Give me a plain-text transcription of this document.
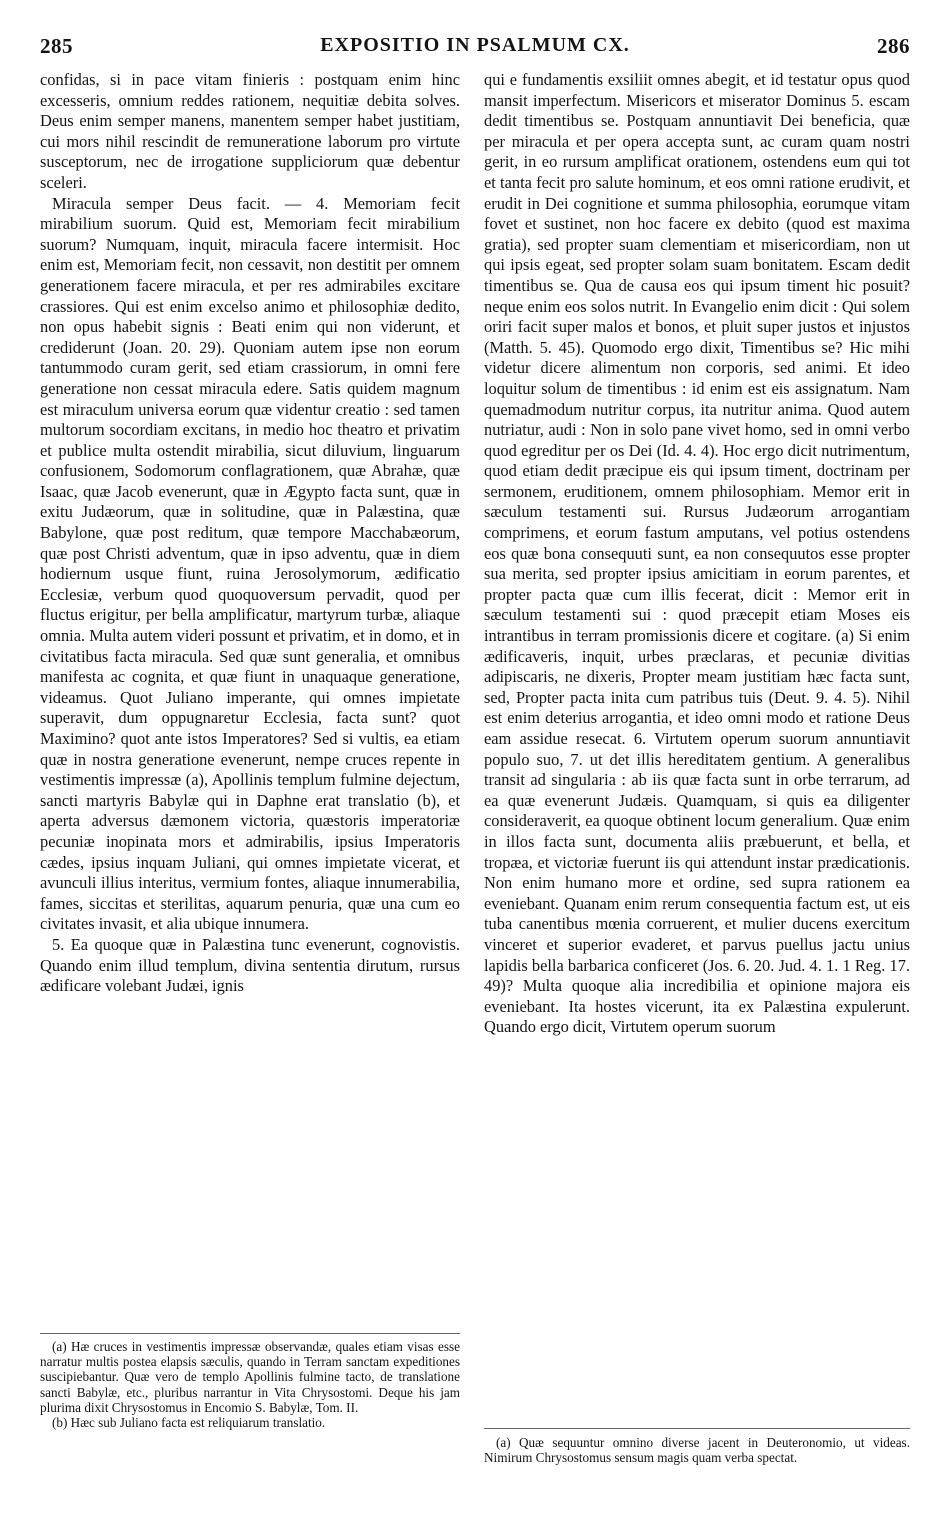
285	EXPOSITIO IN PSALMUM CX.	286

confidas, si in pace vitam finieris : postquam enim hinc excesseris, omnium reddes rationem, nequitiæ debita solves. Deus enim semper manens, manentem semper habet justitiam, cui mors nihil rescindit de remuneratione laborum pro virtute susceptorum, nec de irrogatione suppliciorum quæ debentur sceleri.

Miracula semper Deus facit. — 4. Memoriam fecit mirabilium suorum. Quid est, Memoriam fecit mirabilium suorum? Numquam, inquit, miracula facere intermisit. Hoc enim est, Memoriam fecit, non cessavit, non destitit per omnem generationem facere miracula, et per res admirabiles excitare crassiores. Qui est enim excelso animo et philosophiæ dedito, non opus habebit signis : Beati enim qui non viderunt, et crediderunt (Joan. 20. 29). Quoniam autem ipse non eorum tantummodo curam gerit, sed etiam crassiorum, in omni fere generatione non cessat miracula edere. Satis quidem magnum est miraculum universa eorum quæ videntur creatio : sed tamen multorum socordiam excitans, in medio hoc theatro et privatim et publice multa ostendit mirabilia, sicut diluvium, linguarum confusionem, Sodomorum conflagrationem, quæ Abrahæ, quæ Isaac, quæ Jacob evenerunt, quæ in Ægypto facta sunt, quæ in exitu Judæorum, quæ in solitudine, quæ in Palæstina, quæ Babylone, quæ post reditum, quæ tempore Macchabæorum, quæ post Christi adventum, quæ in ipso adventu, quæ in diem hodiernum usque fiunt, ruina Jerosolymorum, ædificatio Ecclesiæ, verbum quod quoquoversum pervadit, quod per fluctus erigitur, per bella amplificatur, martyrum turbæ, aliaque omnia. Multa autem videri possunt et privatim, et in domo, et in civitatibus facta miracula. Sed quæ sunt generalia, et omnibus manifesta ac cognita, et quæ fiunt in unaquaque generatione, videamus. Quot Juliano imperante, qui omnes impietate superavit, dum oppugnaretur Ecclesia, facta sunt? quot Maximino? quot ante istos Imperatores? Sed si vultis, ea etiam quæ in nostra generatione evenerunt, nempe cruces repente in vestimentis impressæ (a), Apollinis templum fulmine dejectum, sancti martyris Babylæ qui in Daphne erat translatio (b), et aperta adversus dæmonem victoria, quæstoris imperatoriæ pecuniæ inopinata mors et admirabilis, ipsius Imperatoris cædes, ipsius inquam Juliani, qui omnes impietate vicerat, et avunculi illius interitus, vermium fontes, aliaque innumerabilia, fames, siccitas et sterilitas, aquarum penuria, quæ una cum eo civitates invasit, et alia ubique innumera.

5. Ea quoque quæ in Palæstina tunc evenerunt, cognovistis. Quando enim illud templum, divina sententia dirutum, rursus ædificare volebant Judæi, ignis

qui e fundamentis exsiliit omnes abegit, et id testatur opus quod mansit imperfectum. Misericors et miserator Dominus 5. escam dedit timentibus se. Postquam annuntiavit Dei beneficia, quæ per miracula et per opera accepta sunt, ac curam quam nostri gerit, in eo rursum amplificat orationem, ostendens eum qui tot et tanta fecit pro salute hominum, et eos omni ratione erudivit, et erudit in Dei cognitione et summa philosophia, eorumque vitam fovet et sustinet, non hoc facere ex debito (quod est maxima gratia), sed propter suam clementiam et misericordiam, non ut qui ipsis egeat, sed propter solam suam bonitatem. Escam dedit timentibus se. Qua de causa eos qui ipsum timent hic posuit? neque enim eos solos nutrit. In Evangelio enim dicit : Qui solem oriri facit super malos et bonos, et pluit super justos et injustos (Matth. 5. 45). Quomodo ergo dixit, Timentibus se? Hic mihi videtur dicere alimentum non corporis, sed animi. Et ideo loquitur solum de timentibus : id enim est eis assignatum. Nam quemadmodum nutritur corpus, ita nutritur anima. Quod autem nutriatur, audi : Non in solo pane vivet homo, sed in omni verbo quod egreditur per os Dei (Id. 4. 4). Hoc ergo dicit nutrimentum, quod etiam dedit præcipue eis qui ipsum timent, doctrinam per sermonem, eruditionem, omnem philosophiam. Memor erit in sæculum testamenti sui. Rursus Judæorum arrogantiam comprimens, et eorum fastum amputans, vel potius ostendens eos quæ bona consequuti sunt, ea non consequutos esse propter sua merita, sed propter ipsius amicitiam in eorum parentes, et propter pacta quæ cum illis fecerat, dicit : Memor erit in sæculum testamenti sui : quod præcepit etiam Moses eis intrantibus in terram promissionis dicere et cogitare. (a) Si enim ædificaveris, inquit, urbes præclaras, et pecuniæ divitias adipiscaris, ne dixeris, Propter meam justitiam hæc facta sunt, sed, Propter pacta inita cum patribus tuis (Deut. 9. 4. 5). Nihil est enim deterius arrogantia, et ideo omni modo et ratione Deus eam assidue resecat. 6. Virtutem operum suorum annuntiavit populo suo, 7. ut det illis hereditatem gentium. A generalibus transit ad singularia : ab iis quæ facta sunt in orbe terrarum, ad ea quæ evenerunt Judæis. Quamquam, si quis ea diligenter consideraverit, ea quoque obtinent locum generalium. Quæ enim in illos facta sunt, documenta aliis præbuerunt, et bella, et tropæa, et victoriæ fuerunt iis qui attendunt instar prædicationis. Non enim humano more et ordine, sed supra rationem ea eveniebant. Quanam enim rerum consequentia factum est, ut eis tuba canentibus mœnia corruerent, et mulier ducens exercitum vinceret et superior evaderet, et parvus puellus jactu unius lapidis bella barbarica conficeret (Jos. 6. 20. Jud. 4. 1. 1 Reg. 17. 49)? Multa quoque alia incredibilia et opinione majora eis eveniebant. Ita hostes vicerunt, ita ex Palæstina expulerunt. Quando ergo dicit, Virtutem operum suorum

(a) Hæ cruces in vestimentis impressæ observandæ, quales etiam visas esse narratur multis postea elapsis sæculis, quando in Terram sanctam expeditiones suscipiebantur. Quæ vero de templo Apollinis fulmine tacto, de translatione sancti Babylæ, etc., pluribus narrantur in Vita Chrysostomi. Deque his jam plurima dixit Chrysostomus in Encomio S. Babylæ, Tom. II.

(b) Hæc sub Juliano facta est reliquiarum translatio.

(a) Quæ sequuntur omnino diverse jacent in Deuteronomio, ut videas. Nimirum Chrysostomus sensum magis quam verba spectat.
